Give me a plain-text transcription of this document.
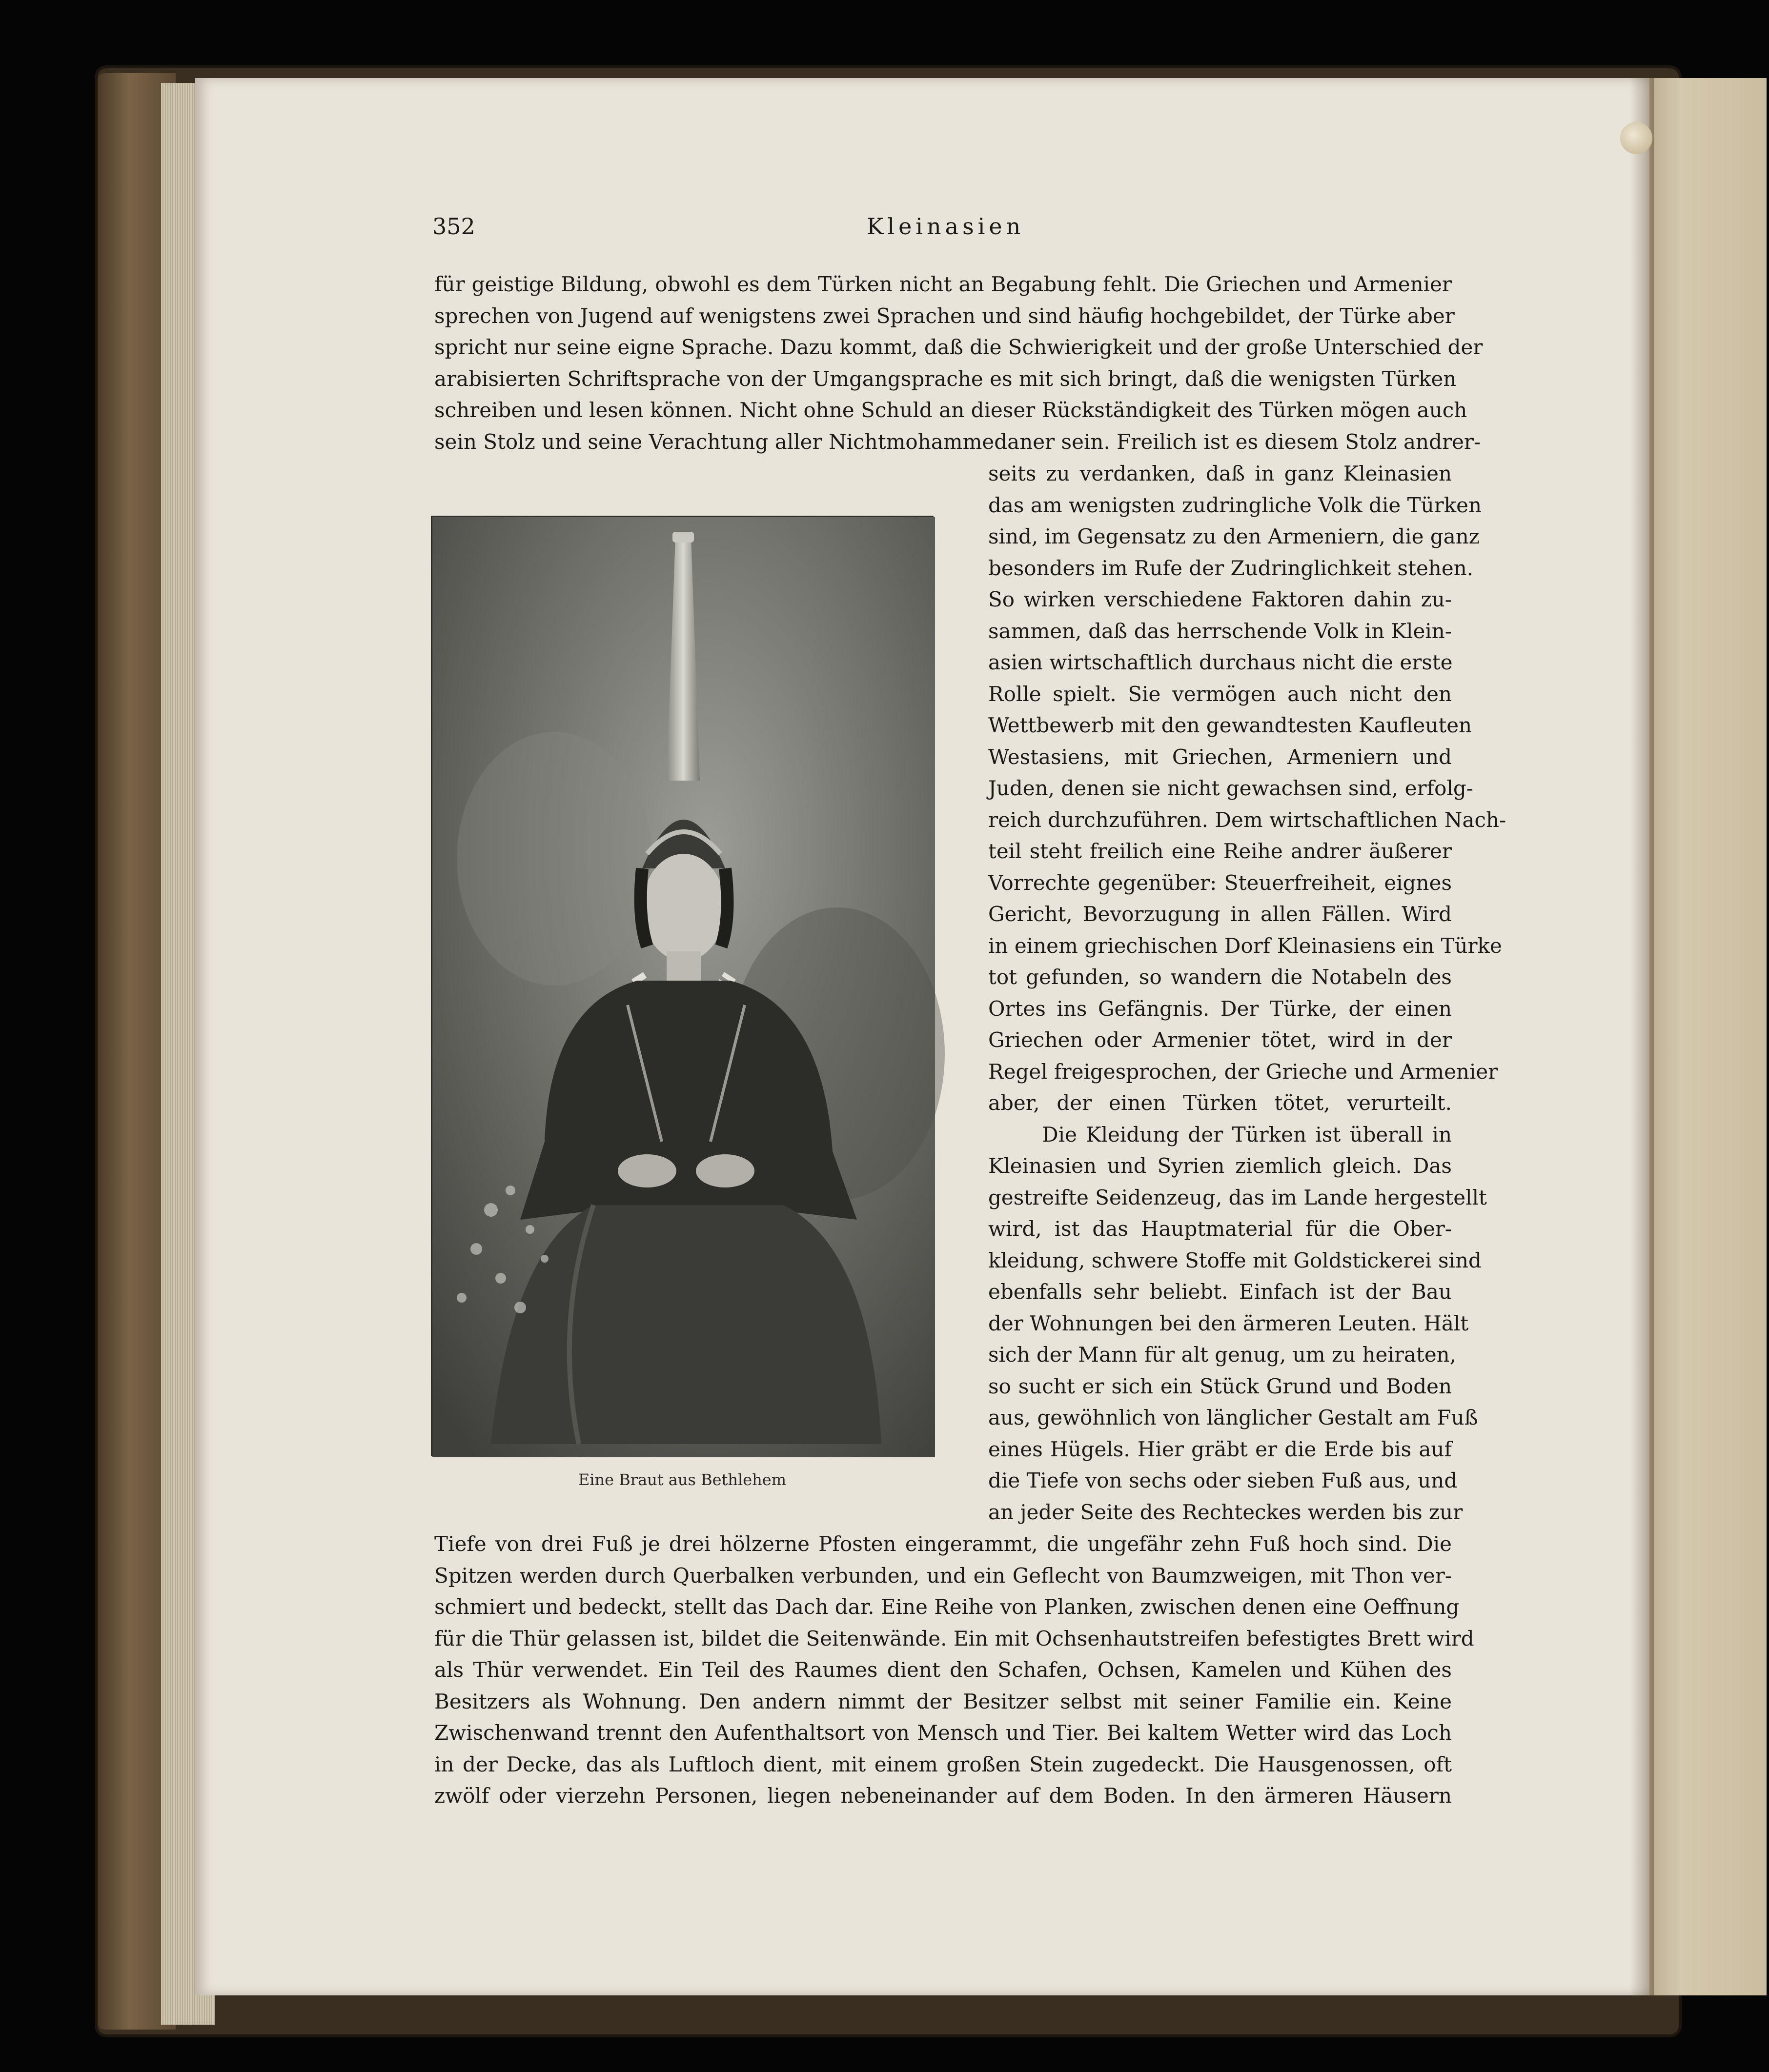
352	Kleinasien
für geistige Bildung, obwohl es dem Türken nicht an Begabung fehlt. Die Griechen und Armenier
sprechen von Jugend auf wenigstens zwei Sprachen und sind häufig hochgebildet, der Türke aber
spricht nur seine eigne Sprache. Dazu kommt, daß die Schwierigkeit und der große Unterschied der
arabisierten Schriftsprache von der Umgangsprache es mit sich bringt, daß die wenigsten Türken
schreiben und lesen können. Nicht ohne Schuld an dieser Rückständigkeit des Türken mögen auch
sein Stolz und seine Verachtung aller Nichtmohammedaner sein. Freilich ist es diesem Stolz andrer-
seits zu verdanken, daß in ganz Kleinasien
das am wenigsten zudringliche Volk die Türken
sind, im Gegensatz zu den Armeniern, die ganz
besonders im Rufe der Zudringlichkeit stehen.
So wirken verschiedene Faktoren dahin zu-
sammen, daß das herrschende Volk in Klein-
asien wirtschaftlich durchaus nicht die erste
Rolle spielt. Sie vermögen auch nicht den
Wettbewerb mit den gewandtesten Kaufleuten
Westasiens, mit Griechen, Armeniern und
Juden, denen sie nicht gewachsen sind, erfolg-
reich durchzuführen. Dem wirtschaftlichen Nach-
teil steht freilich eine Reihe andrer äußerer
Vorrechte gegenüber: Steuerfreiheit, eignes
Gericht, Bevorzugung in allen Fällen. Wird
in einem griechischen Dorf Kleinasiens ein Türke
tot gefunden, so wandern die Notabeln des
Ortes ins Gefängnis. Der Türke, der einen
Griechen oder Armenier tötet, wird in der
Regel freigesprochen, der Grieche und Armenier
aber, der einen Türken tötet, verurteilt.
Die Kleidung der Türken ist überall in
Kleinasien und Syrien ziemlich gleich. Das
gestreifte Seidenzeug, das im Lande hergestellt
wird, ist das Hauptmaterial für die Ober-
kleidung, schwere Stoffe mit Goldstickerei sind
ebenfalls sehr beliebt. Einfach ist der Bau
der Wohnungen bei den ärmeren Leuten. Hält
sich der Mann für alt genug, um zu heiraten,
so sucht er sich ein Stück Grund und Boden
aus, gewöhnlich von länglicher Gestalt am Fuß
eines Hügels. Hier gräbt er die Erde bis auf
die Tiefe von sechs oder sieben Fuß aus, und
an jeder Seite des Rechteckes werden bis zur
Tiefe von drei Fuß je drei hölzerne Pfosten eingerammt, die ungefähr zehn Fuß hoch sind. Die
Spitzen werden durch Querbalken verbunden, und ein Geflecht von Baumzweigen, mit Thon ver-
schmiert und bedeckt, stellt das Dach dar. Eine Reihe von Planken, zwischen denen eine Oeffnung
für die Thür gelassen ist, bildet die Seitenwände. Ein mit Ochsenhautstreifen befestigtes Brett wird
als Thür verwendet. Ein Teil des Raumes dient den Schafen, Ochsen, Kamelen und Kühen des
Besitzers als Wohnung. Den andern nimmt der Besitzer selbst mit seiner Familie ein. Keine
Zwischenwand trennt den Aufenthaltsort von Mensch und Tier. Bei kaltem Wetter wird das Loch
in der Decke, das als Luftloch dient, mit einem großen Stein zugedeckt. Die Hausgenossen, oft
zwölf oder vierzehn Personen, liegen nebeneinander auf dem Boden. In den ärmeren Häusern
Eine Braut aus Bethlehem
